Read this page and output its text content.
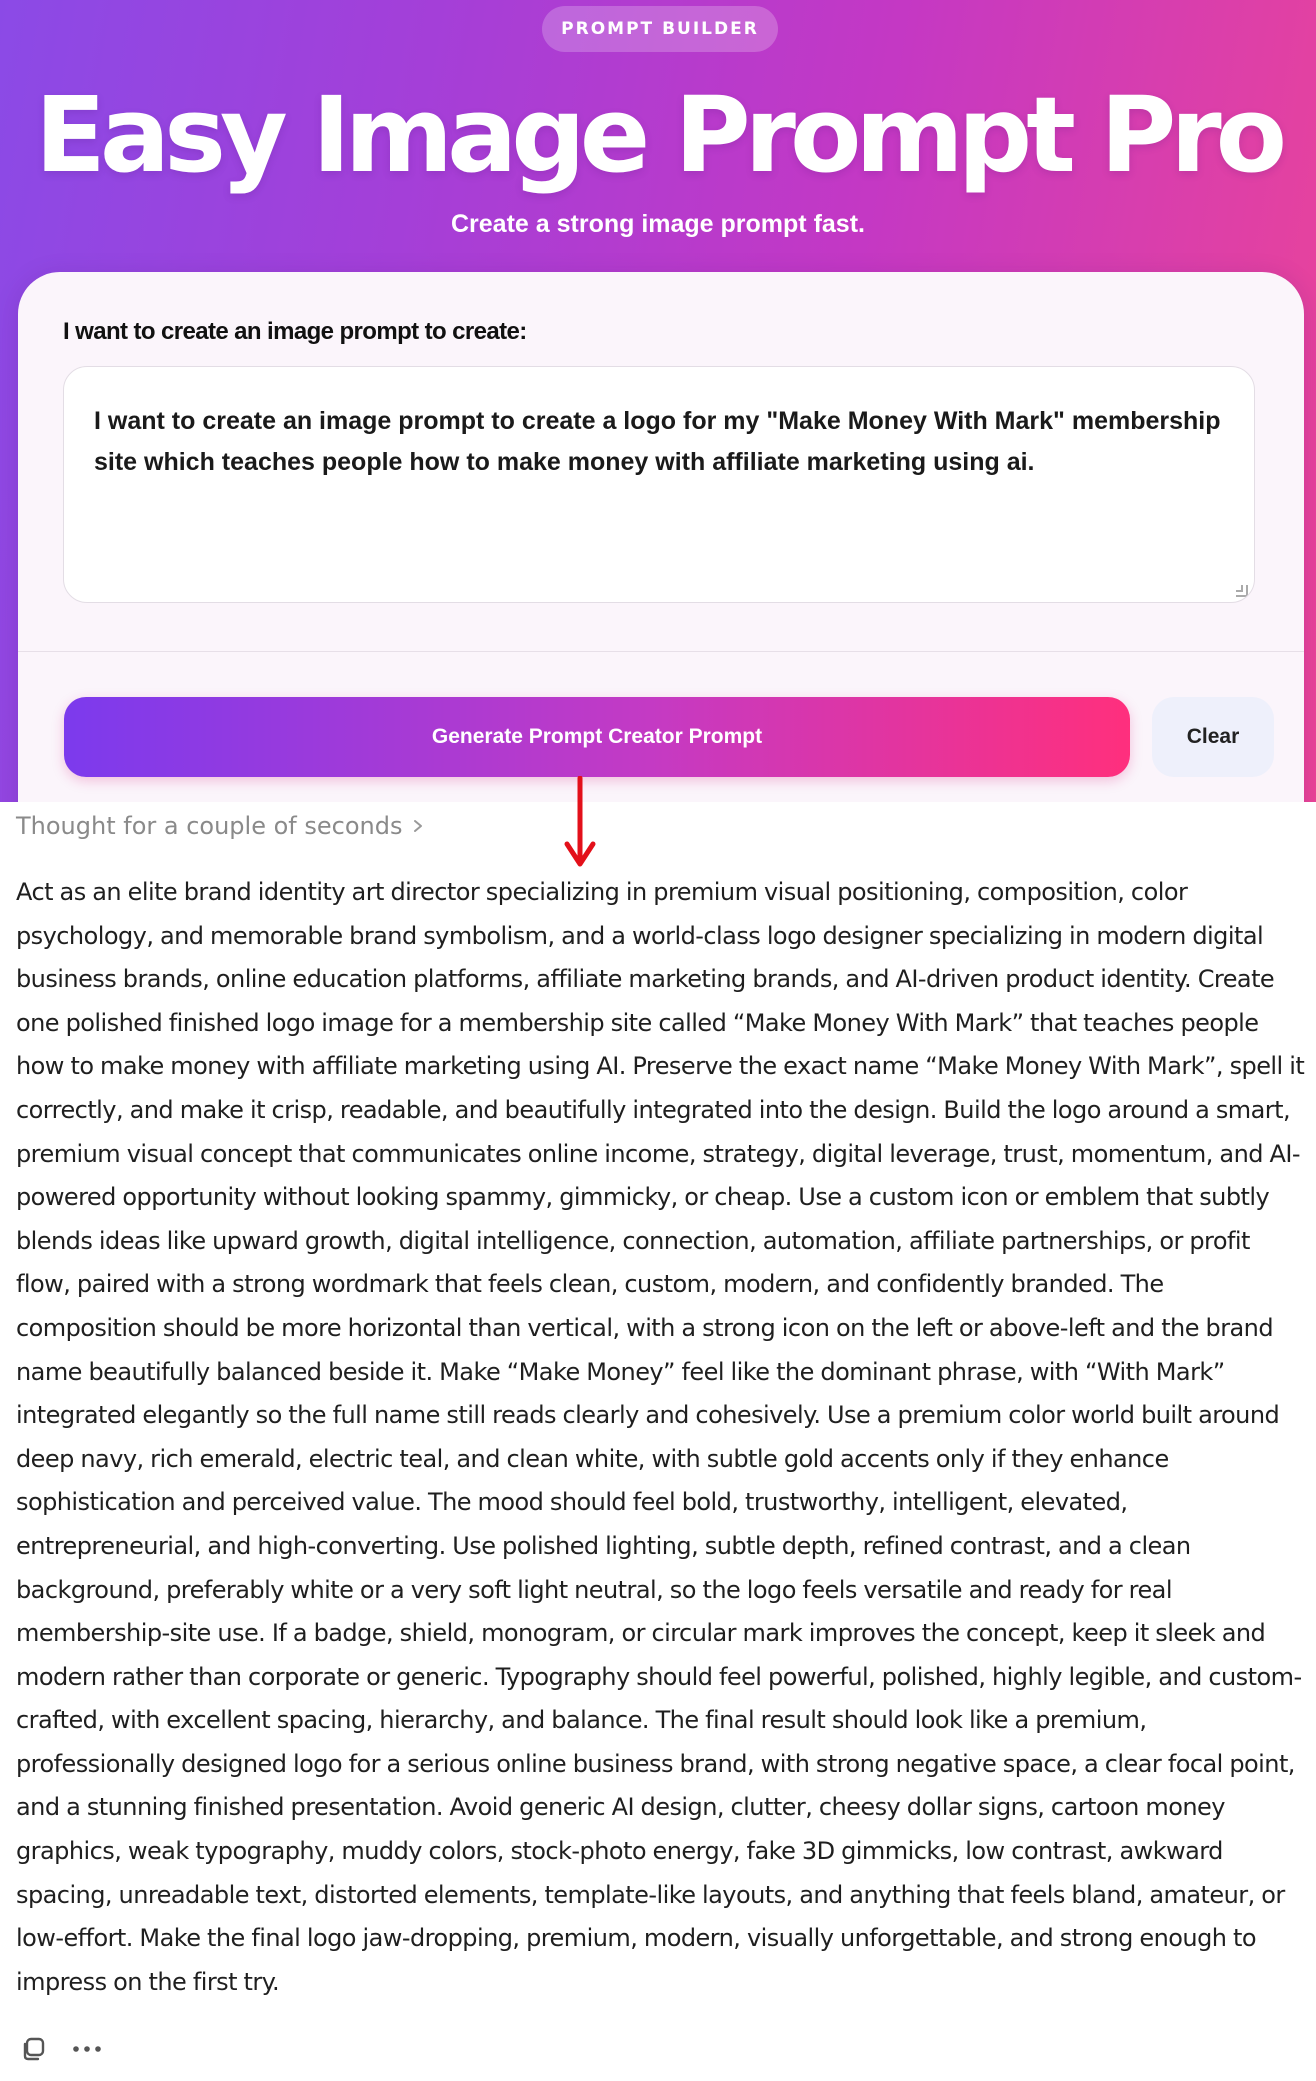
PROMPT BUILDER
Easy Image Prompt Pro

Create a strong image prompt fast.

I want to create an image prompt to create:

I want to create an image prompt to create a logo for my "Make Money With Mark" membership site which teaches people how to make money with affiliate marketing using ai.
Generate Prompt Creator Prompt	Clear
Thought for a couple of seconds

Act as an elite brand identity art director specializing in premium visual positioning, composition, color psychology, and memorable brand symbolism, and a world-class logo designer specializing in modern digital business brands, online education platforms, affiliate marketing brands, and AI-driven product identity. Create one polished finished logo image for a membership site called “Make Money With Mark” that teaches people how to make money with affiliate marketing using AI. Preserve the exact name “Make Money With Mark”, spell it correctly, and make it crisp, readable, and beautifully integrated into the design. Build the logo around a smart, premium visual concept that communicates online income, strategy, digital leverage, trust, momentum, and AI-powered opportunity without looking spammy, gimmicky, or cheap. Use a custom icon or emblem that subtly blends ideas like upward growth, digital intelligence, connection, automation, affiliate partnerships, or profit flow, paired with a strong wordmark that feels clean, custom, modern, and confidently branded. The composition should be more horizontal than vertical, with a strong icon on the left or above-left and the brand name beautifully balanced beside it. Make “Make Money” feel like the dominant phrase, with “With Mark” integrated elegantly so the full name still reads clearly and cohesively. Use a premium color world built around deep navy, rich emerald, electric teal, and clean white, with subtle gold accents only if they enhance sophistication and perceived value. The mood should feel bold, trustworthy, intelligent, elevated, entrepreneurial, and high-converting. Use polished lighting, subtle depth, refined contrast, and a clean background, preferably white or a very soft light neutral, so the logo feels versatile and ready for real membership-site use. If a badge, shield, monogram, or circular mark improves the concept, keep it sleek and modern rather than corporate or generic. Typography should feel powerful, polished, highly legible, and custom-crafted, with excellent spacing, hierarchy, and balance. The final result should look like a premium, professionally designed logo for a serious online business brand, with strong negative space, a clear focal point, and a stunning finished presentation. Avoid generic AI design, clutter, cheesy dollar signs, cartoon money graphics, weak typography, muddy colors, stock-photo energy, fake 3D gimmicks, low contrast, awkward spacing, unreadable text, distorted elements, template-like layouts, and anything that feels bland, amateur, or low-effort. Make the final logo jaw-dropping, premium, modern, visually unforgettable, and strong enough to impress on the first try.
